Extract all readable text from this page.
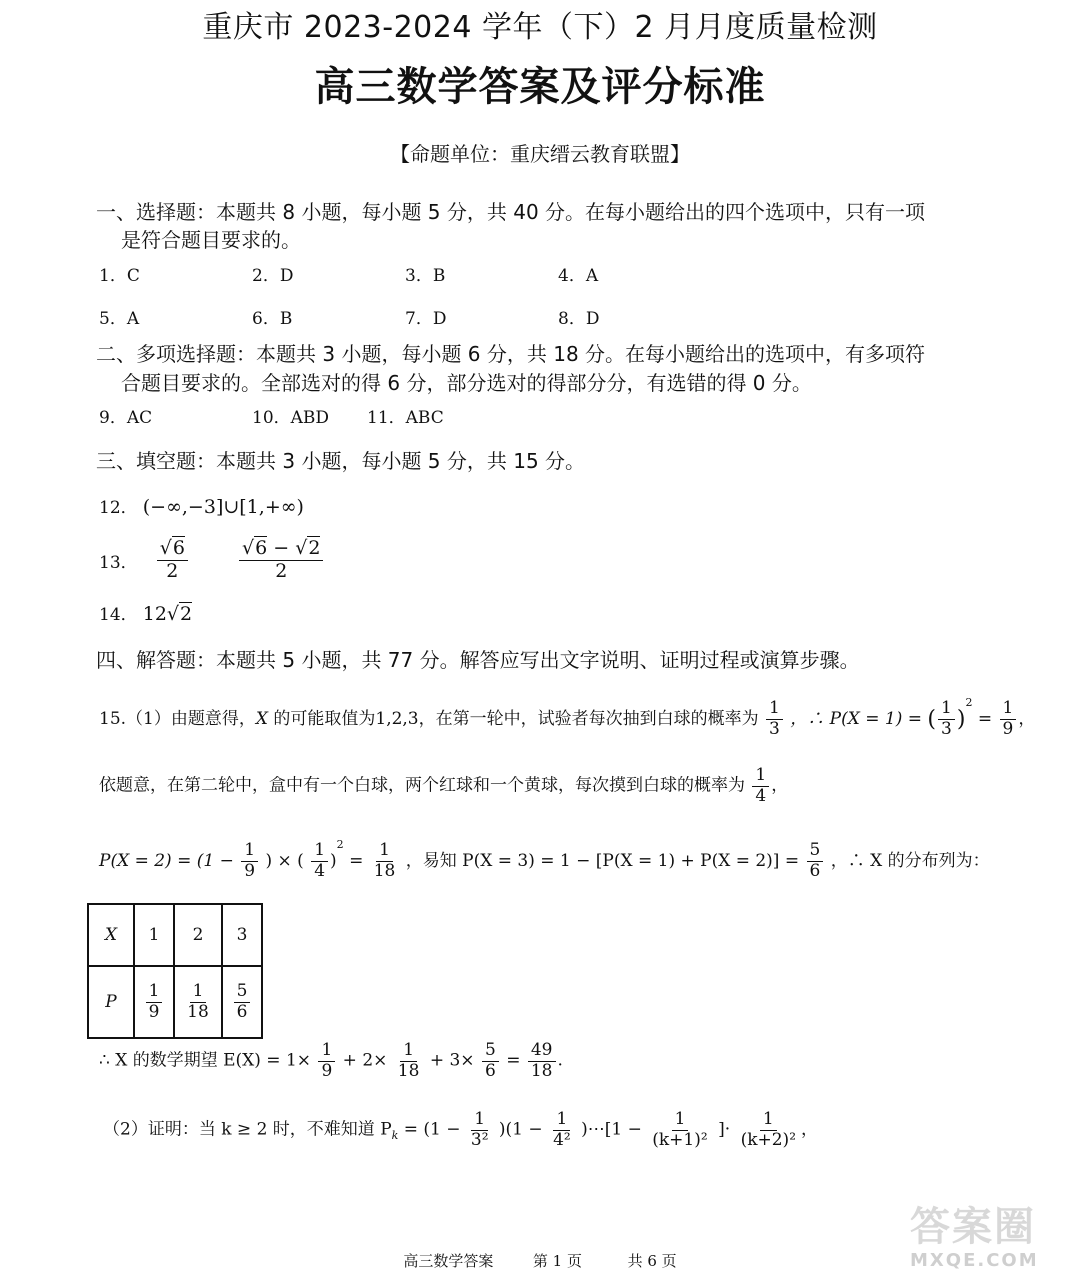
重庆市 2023-2024 学年（下）2 月月度质量检测
高三数学答案及评分标准
【命题单位：重庆缙云教育联盟】
一、选择题：本题共 8 小题，每小题 5 分，共 40 分。在每小题给出的四个选项中，只有一项
是符合题目要求的。
1．C	2．D	3．B	4．A
5．A	6．B	7．D	8．D
二、多项选择题：本题共 3 小题，每小题 6 分，共 18 分。在每小题给出的选项中，有多项符
合题目要求的。全部选对的得 6 分，部分选对的得部分分，有选错的得 0 分。
9．AC	10．ABD 11．ABC
三、填空题：本题共 3 小题，每小题 5 分，共 15 分。
12． (−∞,−3]∪[1,+∞)
13． $\frac{√6}{2}$
	$\frac{√6 - √2}{2}$
14． 12√2
四、解答题：本题共 5 小题，共 77 分。解答应写出文字说明、证明过程或演算步骤。
15.（1）由题意得，X 的可能取值为1,2,3，在第一轮中，试验者每次抽到白球的概率为 $\frac{1}{3}$ ，∴ P(X = 1) = ( $\frac{1}{3} )^2 = \frac{1}{9}$ ，
依题意，在第二轮中，盒中有一个白球，两个红球和一个黄球，每次摸到白球的概率为 $\frac{1}{4}$ ，
$P(X = 2) = (1 - \frac{1}{9}$ ) × ( $\frac{1}{4} )^2 = \frac{1}{18}$ ，易知 $P(X = 3) = 1 - [P(X = 1) + P(X = 2)] = \frac{5}{6}$ ，∴ X 的分布列为：
X	1	2	3
P	$\frac{1}{9}$	$\frac{1}{18}$	$\frac{5}{6}$
∴ X 的数学期望 $E(X) = 1\times \frac{1}{9} + 2\times \frac{1}{18} + 3\times \frac{5}{6} = \frac{49}{18}$ .
（2）证明：当 k ≥ 2 时，不难知道 $P_k = (1 - \frac{1}{\text{3²}} )(1 - \frac{1}{\text{4²}}$ )⋯[1 − $\frac{1}{\text{(k+1)²}}$ ]· $\frac{1}{\text{(k+2)²}}$ ，
高三数学答案	第 1 页	共 6 页
答案圈
MXQE.COM
